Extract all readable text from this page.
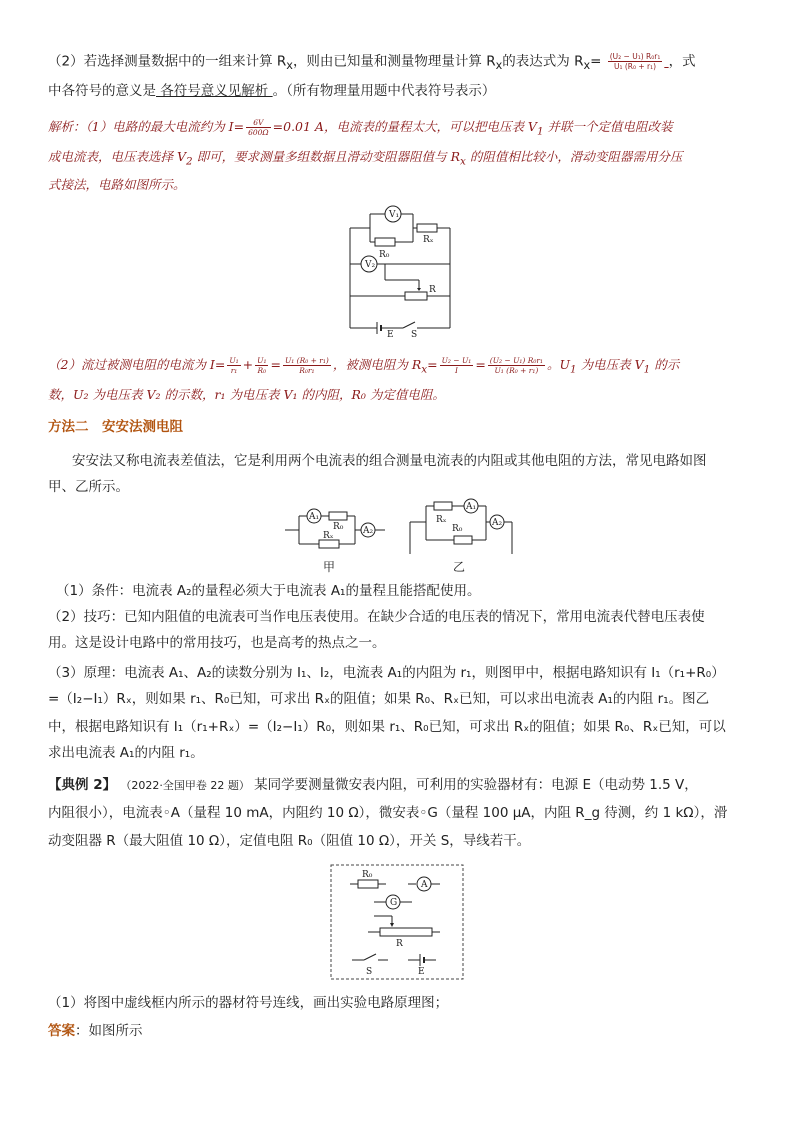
（2）若选择测量数据中的一组来计算 $R_x$，则由已知量和测量物理量计算 $R_x$的表达式为 $R_x= \frac{\text{(U₂ − U₁) R₀r₁}}{\text{U₁ (R₀ + r₁)}}$ ，式
中各符号的意义是 各符号意义见解析 。（所有物理量用题中代表符号表示）
解析：（1）电路的最大电流约为 $I= \frac{6V}{600\Omega} =0.01$ A，电流表的量程太大，可以把电压表 $V_1$ 并联一个定值电阻改装
成电流表，电压表选择 $V_2$ 即可，要求测量多组数据且滑动变阻器阻值与 $R_x$ 的阻值相比较小，滑动变阻器需用分压
式接法，电路如图所示。
V₁
V₂
Rₓ
R₀
R
E S
（2）流过被测电阻的电流为 $I= \frac{\text{U₁}}{\text{r₁}} + \frac{\text{U₁}}{\text{R₀}} = \frac{\text{U₁ (R₀ + r₁)}}{\text{R₀r₁}}$ ，被测电阻为 $R_x= \frac{\text{U₂ − U₁}}{I} = \frac{\text{(U₂ − U₁) R₀r₁}}{\text{U₁ (R₀ + r₁)}}$ 。$U_1$ 为电压表 $V_1$ 的示
数，U₂ 为电压表 V₂ 的示数，r₁ 为电压表 V₁ 的内阻，R₀ 为定值电阻。
方法二　安安法测电阻
安安法又称电流表差值法，它是利用两个电流表的组合测量电流表的内阻或其他电阻的方法，常见电路如图
甲、乙所示。
A₁
R₀
Rₓ	A₂
甲
Rₓ
R₀
A₁
A₂
乙
（1）条件：电流表 A₂的量程必须大于电流表 A₁的量程且能搭配使用。
（2）技巧：已知内阻值的电流表可当作电压表使用。在缺少合适的电压表的情况下，常用电流表代替电压表使
用。这是设计电路中的常用技巧，也是高考的热点之一。
（3）原理：电流表 A₁、A₂的读数分别为 I₁、I₂，电流表 A₁的内阻为 r₁，则图甲中，根据电路知识有 I₁（r₁+R₀）
=（I₂−I₁）Rₓ，则如果 r₁、R₀已知，可求出 Rₓ的阻值；如果 R₀、Rₓ已知，可以求出电流表 A₁的内阻 r₁。图乙
中，根据电路知识有 I₁（r₁+Rₓ）=（I₂−I₁）R₀，则如果 r₁、R₀已知，可求出 Rₓ的阻值；如果 R₀、Rₓ已知，可以
求出电流表 A₁的内阻 r₁。
【典例 2】 （2022·全国甲卷 22 题） 某同学要测量微安表内阻，可利用的实验器材有：电源 E（电动势 1.5 V，
内阻很小），电流表◦A（量程 10 mA，内阻约 10 Ω），微安表◦G（量程 100 μA，内阻 R_g 待测，约 1 kΩ），滑
动变阻器 R（最大阻值 10 Ω），定值电阻 R₀（阻值 10 Ω），开关 S，导线若干。
R₀
A
G
R
S	E
（1）将图中虚线框内所示的器材符号连线，画出实验电路原理图；
答案：如图所示
